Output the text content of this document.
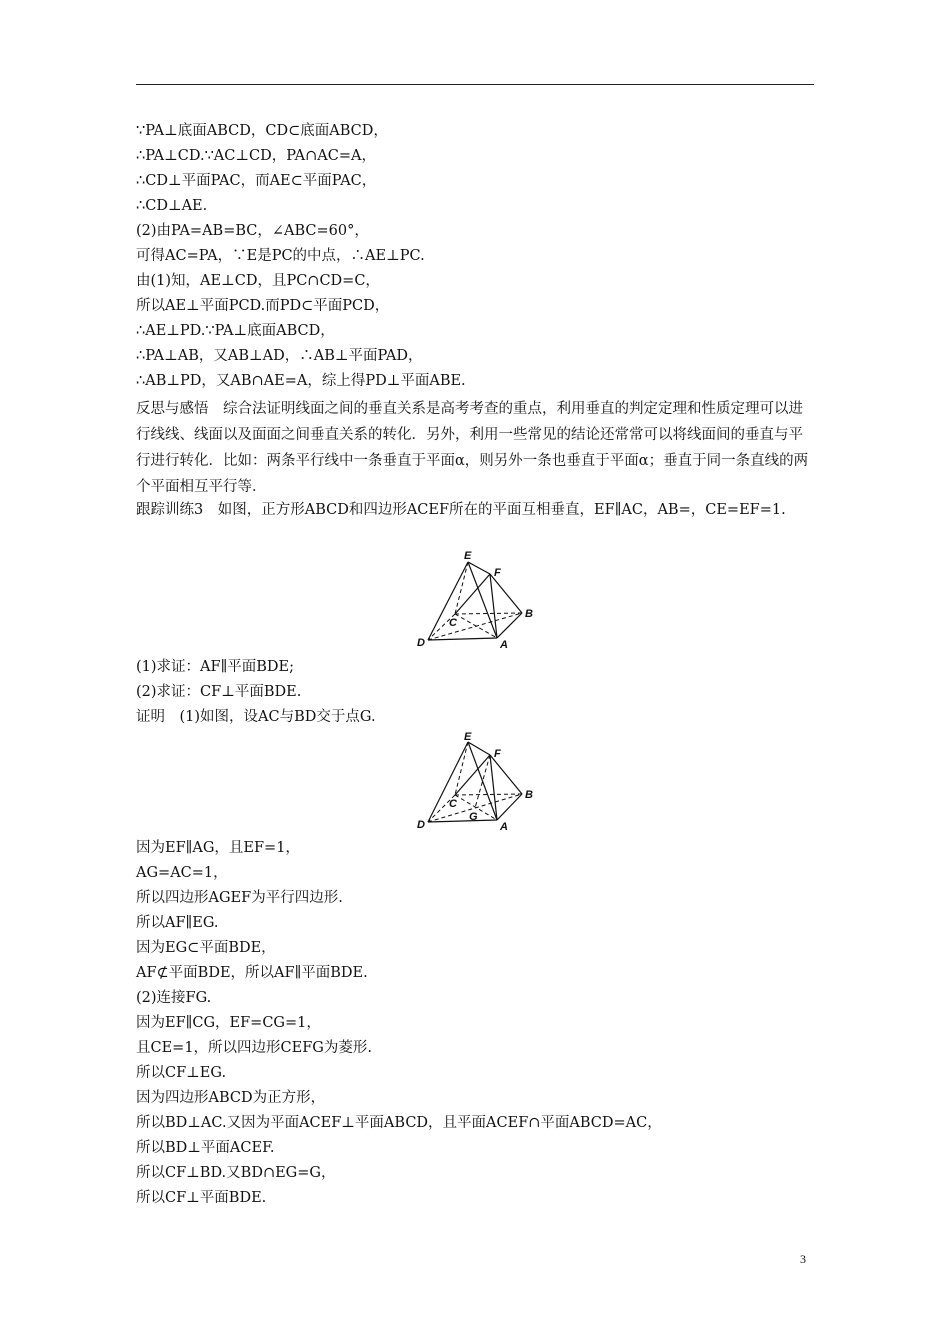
∵PA⊥底面ABCD，CD⊂底面ABCD，
∴PA⊥CD.∵AC⊥CD，PA∩AC=A，
∴CD⊥平面PAC，而AE⊂平面PAC，
∴CD⊥AE.
(2)由PA=AB=BC，∠ABC=60°，
可得AC=PA，∵E是PC的中点，∴AE⊥PC.
由(1)知，AE⊥CD，且PC∩CD=C，
所以AE⊥平面PCD.而PD⊂平面PCD，
∴AE⊥PD.∵PA⊥底面ABCD，
∴PA⊥AB，又AB⊥AD，∴AB⊥平面PAD，
∴AB⊥PD，又AB∩AE=A，综上得PD⊥平面ABE.
反思与感悟　综合法证明线面之间的垂直关系是高考考查的重点，利用垂直的判定定理和性质定理可以进行线线、线面以及面面之间垂直关系的转化．另外，利用一些常见的结论还常常可以将线面间的垂直与平行进行转化．比如：两条平行线中一条垂直于平面α，则另外一条也垂直于平面α；垂直于同一条直线的两个平面相互平行等．
跟踪训练3　如图，正方形ABCD和四边形ACEF所在的平面互相垂直，EF∥AC，AB=，CE=EF=1.
E
F
B
C
D	A
(1)求证：AF∥平面BDE;
(2)求证：CF⊥平面BDE.
证明　(1)如图，设AC与BD交于点G.
E
F
B
C
G
D	A
因为EF∥AG，且EF=1，
AG=AC=1，
所以四边形AGEF为平行四边形.
所以AF∥EG.
因为EG⊂平面BDE，
AF⊄平面BDE，所以AF∥平面BDE.
(2)连接FG.
因为EF∥CG，EF=CG=1，
且CE=1，所以四边形CEFG为菱形.
所以CF⊥EG.
因为四边形ABCD为正方形，
所以BD⊥AC.又因为平面ACEF⊥平面ABCD，且平面ACEF∩平面ABCD=AC，
所以BD⊥平面ACEF.
所以CF⊥BD.又BD∩EG=G，
所以CF⊥平面BDE.
3
